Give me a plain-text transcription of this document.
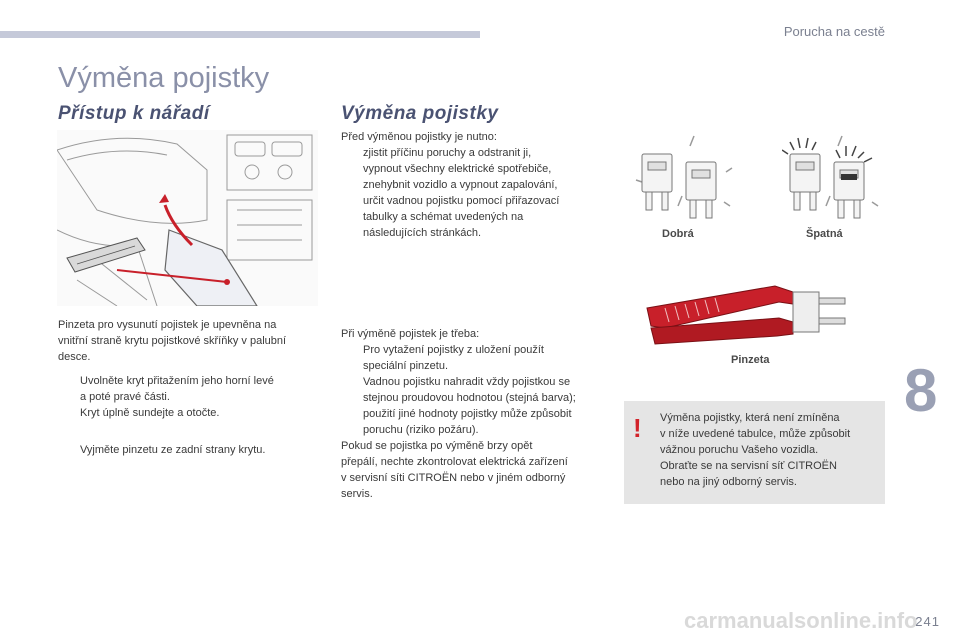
Porucha na cestě
Výměna pojistky
Přístup k nářadí	Výměna pojistky
Pinzeta pro vysunutí pojistek je upevněna na
vnitřní straně krytu pojistkové skříňky v palubní
desce.
Uvolněte kryt přitažením jeho horní levé
a poté pravé části.
Kryt úplně sundejte a otočte.
Vyjměte pinzetu ze zadní strany krytu.
Před výměnou pojistky je nutno:
zjistit příčinu poruchy a odstranit ji,
vypnout všechny elektrické spotřebiče,
znehybnit vozidlo a vypnout zapalování,
určit vadnou pojistku pomocí přiřazovací
tabulky a schémat uvedených na
následujících stránkách.
Při výměně pojistek je třeba:
Pro vytažení pojistky z uložení použít
speciální pinzetu.
Vadnou pojistku nahradit vždy pojistkou se
stejnou proudovou hodnotou (stejná barva);
použití jiné hodnoty pojistky může způsobit
poruchu (riziko požáru).
Pokud se pojistka po výměně brzy opět
přepálí, nechte zkontrolovat elektrická zařízení
v servisní síti CITROËN nebo v jiném odborný
servis.
Dobrá	Špatná
Pinzeta
! Výměna pojistky, která není zmíněna
v níže uvedené tabulce, může způsobit
vážnou poruchu Vašeho vozidla.
Obraťte se na servisní síť CITROËN
nebo na jiný odborný servis.
8
carmanualsonline.info
241
